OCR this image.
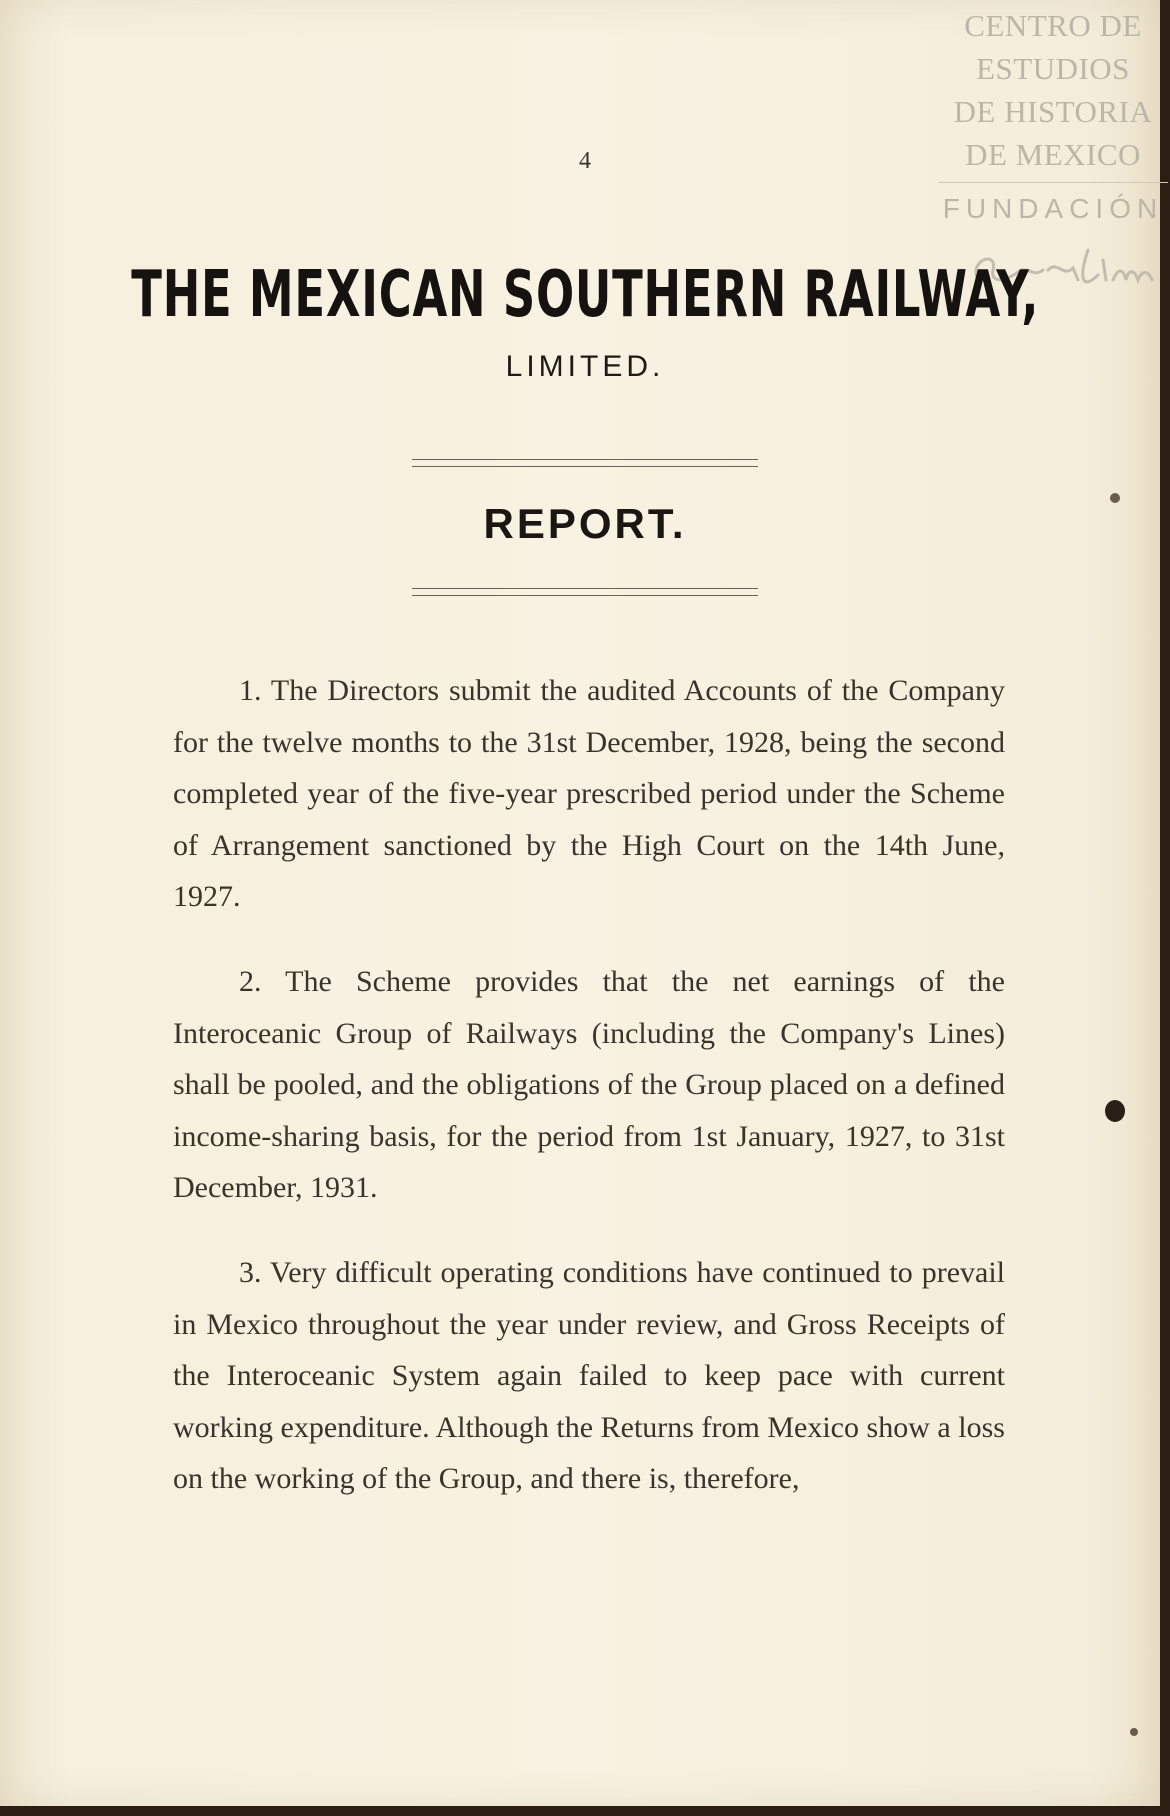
CENTRO DE
ESTUDIOS
DE HISTORIA
DE MEXICO
FUNDACIÓN
4
THE MEXICAN SOUTHERN RAILWAY,
LIMITED.
REPORT.

1. The Directors submit the audited Accounts of the Company for the twelve months to the 31st December, 1928, being the second completed year of the five-year prescribed period under the Scheme of Arrangement sanctioned by the High Court on the 14th June, 1927.

2. The Scheme provides that the net earnings of the Interoceanic Group of Railways (including the Company's Lines) shall be pooled, and the obligations of the Group placed on a defined income-sharing basis, for the period from 1st January, 1927, to 31st December, 1931.

3. Very difficult operating conditions have continued to prevail in Mexico throughout the year under review, and Gross Receipts of the Interoceanic System again failed to keep pace with current working expenditure. Although the Returns from Mexico show a loss on the working of the Group, and there is, therefore,
